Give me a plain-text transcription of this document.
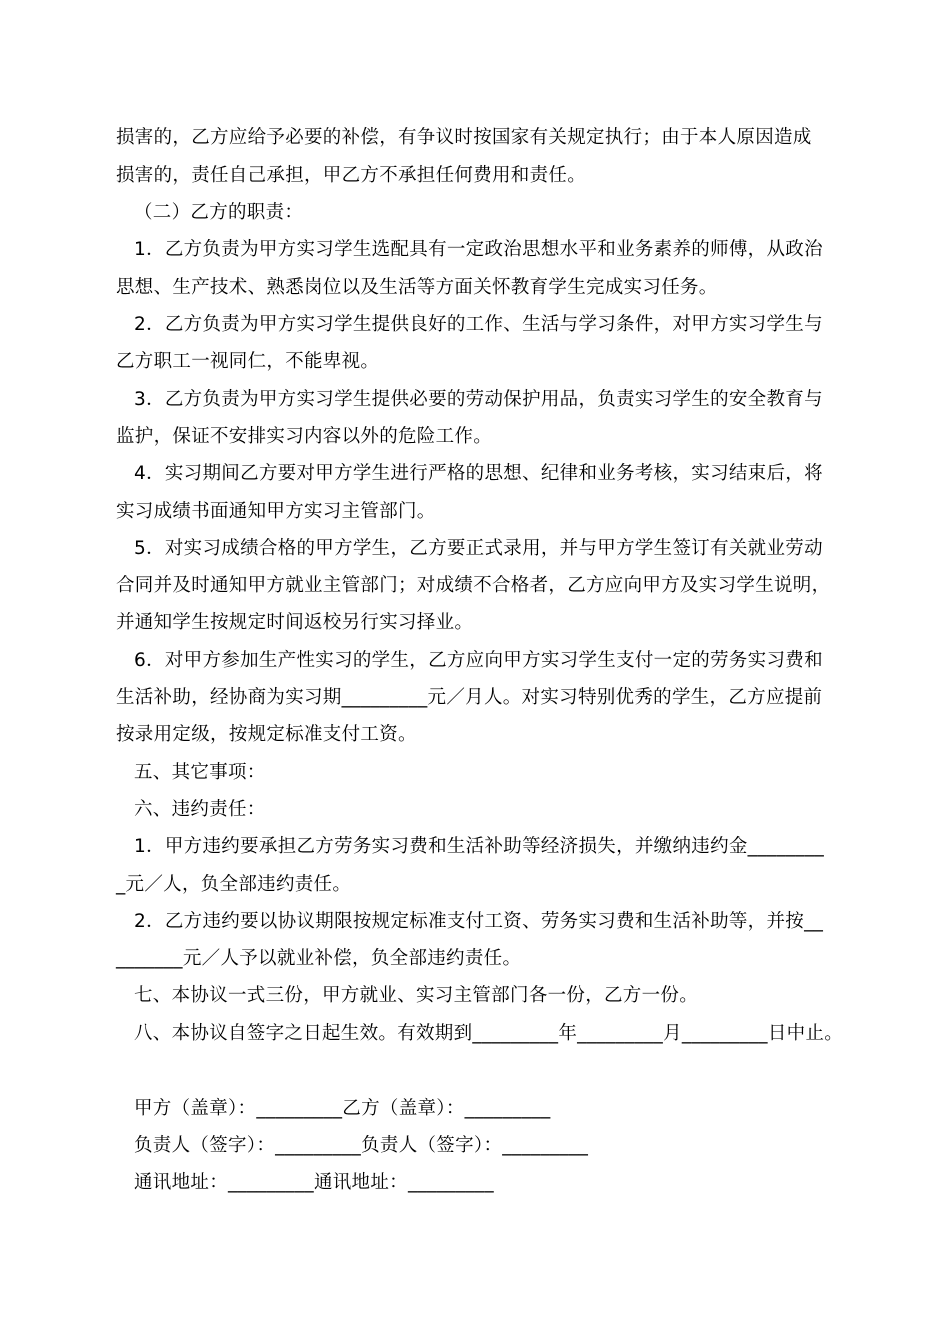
损害的，乙方应给予必要的补偿，有争议时按国家有关规定执行；由于本人原因造成
损害的，责任自己承担，甲乙方不承担任何费用和责任。
（二）乙方的职责：
1．乙方负责为甲方实习学生选配具有一定政治思想水平和业务素养的师傅，从政治
思想、生产技术、熟悉岗位以及生活等方面关怀教育学生完成实习任务。
2．乙方负责为甲方实习学生提供良好的工作、生活与学习条件，对甲方实习学生与
乙方职工一视同仁，不能卑视。
3．乙方负责为甲方实习学生提供必要的劳动保护用品，负责实习学生的安全教育与
监护，保证不安排实习内容以外的危险工作。
4．实习期间乙方要对甲方学生进行严格的思想、纪律和业务考核，实习结束后，将
实习成绩书面通知甲方实习主管部门。
5．对实习成绩合格的甲方学生，乙方要正式录用，并与甲方学生签订有关就业劳动
合同并及时通知甲方就业主管部门；对成绩不合格者，乙方应向甲方及实习学生说明，
并通知学生按规定时间返校另行实习择业。
6．对甲方参加生产性实习的学生，乙方应向甲方实习学生支付一定的劳务实习费和
生活补助，经协商为实习期_________元／月人。对实习特别优秀的学生，乙方应提前
按录用定级，按规定标准支付工资。
五、其它事项：
六、违约责任：
1．甲方违约要承担乙方劳务实习费和生活补助等经济损失，并缴纳违约金________
_元／人，负全部违约责任。
2．乙方违约要以协议期限按规定标准支付工资、劳务实习费和生活补助等，并按__
_______元／人予以就业补偿，负全部违约责任。
七、本协议一式三份，甲方就业、实习主管部门各一份，乙方一份。
八、本协议自签字之日起生效。有效期到_________年_________月_________日中止。
甲方（盖章）：_________乙方（盖章）：_________
负责人（签字）：_________负责人（签字）：_________
通讯地址：_________通讯地址：_________
